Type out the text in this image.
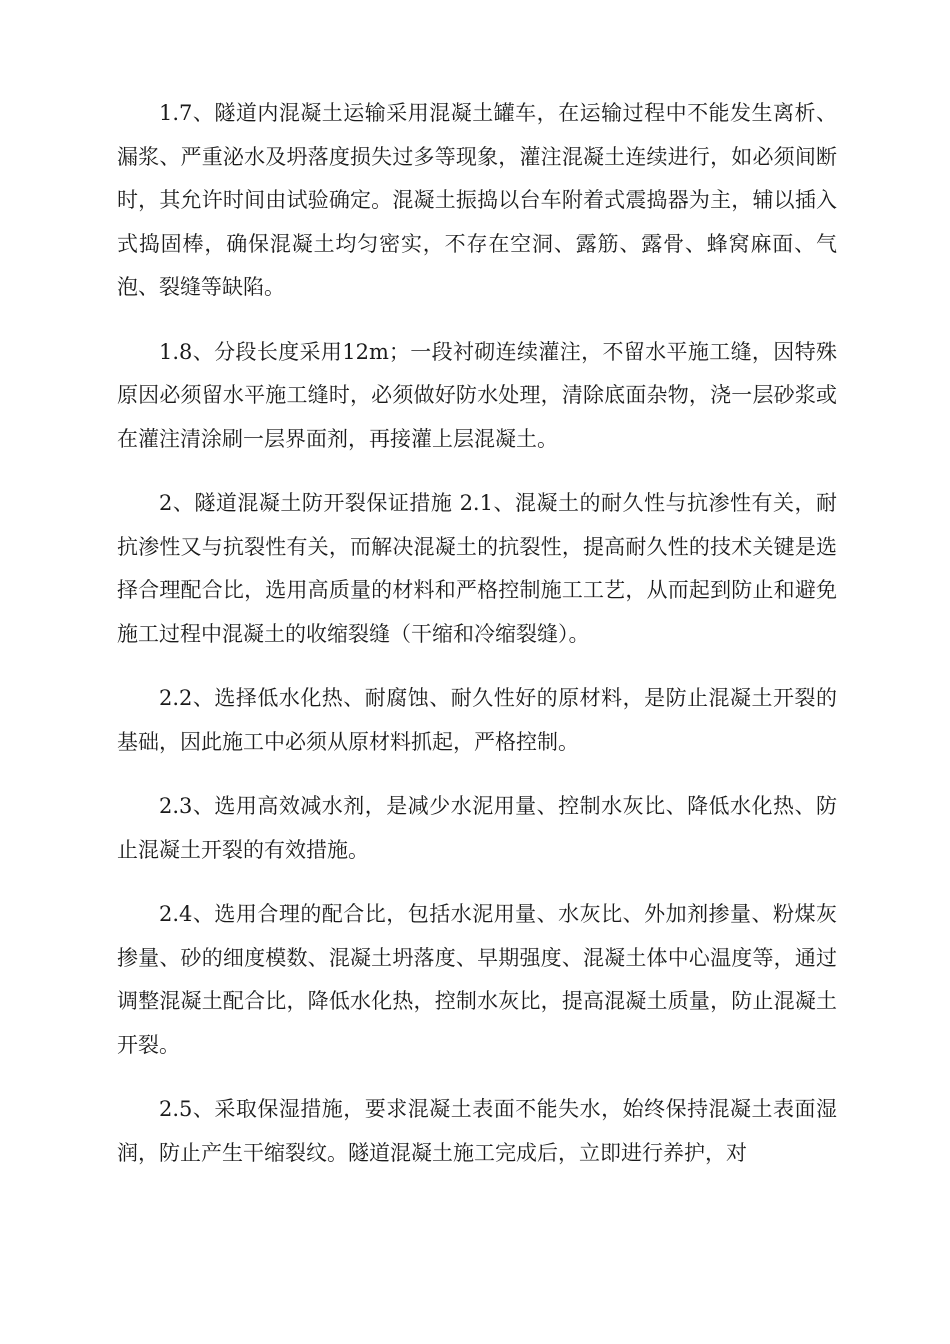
1.7、隧道内混凝土运输采用混凝土罐车，在运输过程中不能发生离析、漏浆、严重泌水及坍落度损失过多等现象，灌注混凝土连续进行，如必须间断时，其允许时间由试验确定。混凝土振捣以台车附着式震捣器为主，辅以插入式捣固棒，确保混凝土均匀密实，不存在空洞、露筋、露骨、蜂窝麻面、气泡、裂缝等缺陷。

1.8、分段长度采用12m；一段衬砌连续灌注，不留水平施工缝，因特殊原因必须留水平施工缝时，必须做好防水处理，清除底面杂物，浇一层砂浆或在灌注清涂刷一层界面剂，再接灌上层混凝土。

2、隧道混凝土防开裂保证措施 2.1、混凝土的耐久性与抗渗性有关，耐抗渗性又与抗裂性有关，而解决混凝土的抗裂性，提高耐久性的技术关键是选择合理配合比，选用高质量的材料和严格控制施工工艺，从而起到防止和避免施工过程中混凝土的收缩裂缝（干缩和冷缩裂缝）。

2.2、选择低水化热、耐腐蚀、耐久性好的原材料，是防止混凝土开裂的基础，因此施工中必须从原材料抓起，严格控制。

2.3、选用高效减水剂，是减少水泥用量、控制水灰比、降低水化热、防止混凝土开裂的有效措施。

2.4、选用合理的配合比，包括水泥用量、水灰比、外加剂掺量、粉煤灰掺量、砂的细度模数、混凝土坍落度、早期强度、混凝土体中心温度等，通过调整混凝土配合比，降低水化热，控制水灰比，提高混凝土质量，防止混凝土开裂。

2.5、采取保湿措施，要求混凝土表面不能失水，始终保持混凝土表面湿润，防止产生干缩裂纹。隧道混凝土施工完成后，立即进行养护，对
